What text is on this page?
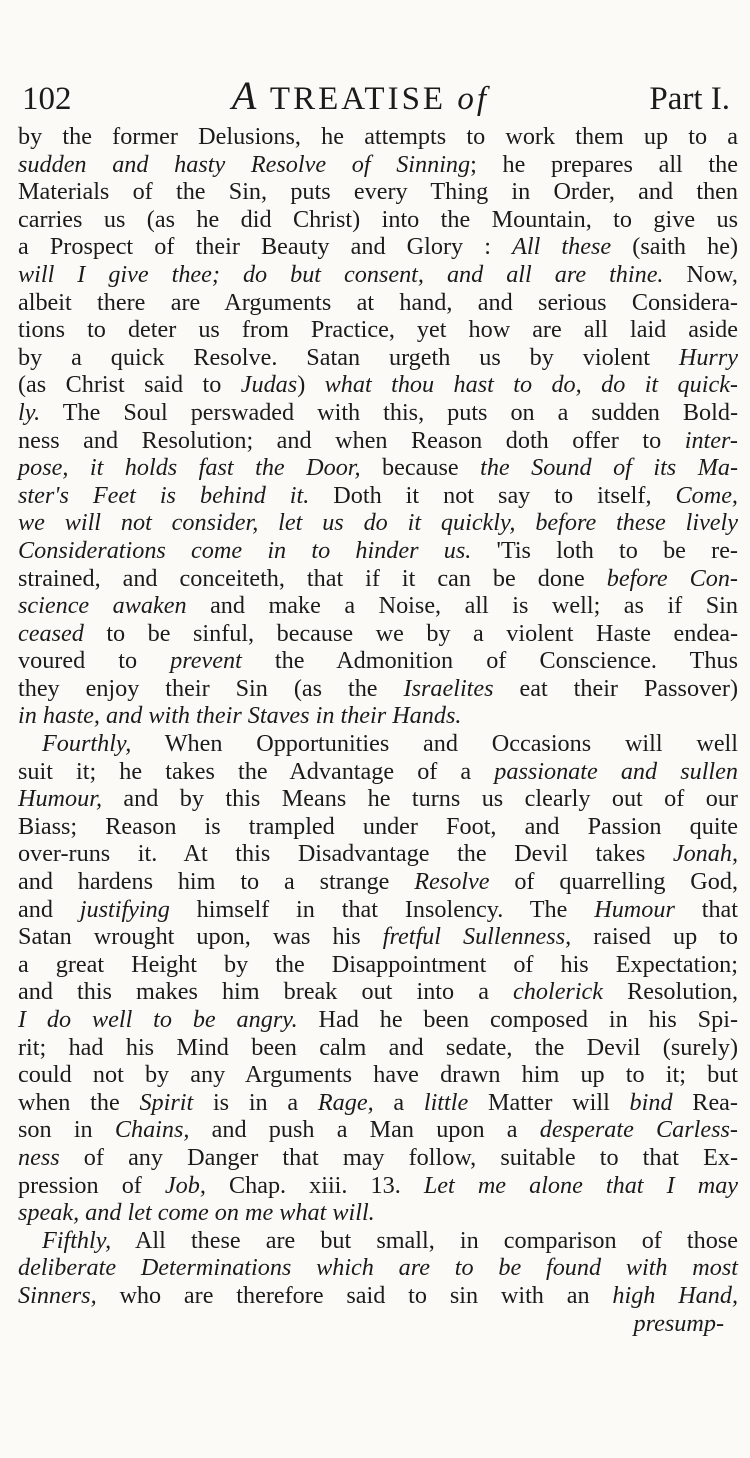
102	A TREATISE of	Part I.
by the former Delusions, he attempts to work them up to a
sudden and hasty Resolve of Sinning; he prepares all the
Materials of the Sin, puts every Thing in Order, and then
carries us (as he did Christ) into the Mountain, to give us
a Prospect of their Beauty and Glory : All these (saith he)
will I give thee; do but consent, and all are thine. Now,
albeit there are Arguments at hand, and serious Considera-
tions to deter us from Practice, yet how are all laid aside
by a quick Resolve. Satan urgeth us by violent Hurry
(as Christ said to Judas) what thou hast to do, do it quick-
ly. The Soul perswaded with this, puts on a sudden Bold-
ness and Resolution; and when Reason doth offer to inter-
pose, it holds fast the Door, because the Sound of its Ma-
ster's Feet is behind it. Doth it not say to itself, Come,
we will not consider, let us do it quickly, before these lively
Considerations come in to hinder us. 'Tis loth to be re-
strained, and conceiteth, that if it can be done before Con-
science awaken and make a Noise, all is well; as if Sin
ceased to be sinful, because we by a violent Haste endea-
voured to prevent the Admonition of Conscience. Thus
they enjoy their Sin (as the Israelites eat their Passover)
in haste, and with their Staves in their Hands.
Fourthly, When Opportunities and Occasions will well
suit it; he takes the Advantage of a passionate and sullen
Humour, and by this Means he turns us clearly out of our
Biass; Reason is trampled under Foot, and Passion quite
over-runs it. At this Disadvantage the Devil takes Jonah,
and hardens him to a strange Resolve of quarrelling God,
and justifying himself in that Insolency. The Humour that
Satan wrought upon, was his fretful Sullenness, raised up to
a great Height by the Disappointment of his Expectation;
and this makes him break out into a cholerick Resolution,
I do well to be angry. Had he been composed in his Spi-
rit; had his Mind been calm and sedate, the Devil (surely)
could not by any Arguments have drawn him up to it; but
when the Spirit is in a Rage, a little Matter will bind Rea-
son in Chains, and push a Man upon a desperate Carless-
ness of any Danger that may follow, suitable to that Ex-
pression of Job, Chap. xiii. 13. Let me alone that I may
speak, and let come on me what will.
Fifthly, All these are but small, in comparison of those
deliberate Determinations which are to be found with most
Sinners, who are therefore said to sin with an high Hand,
presump-
